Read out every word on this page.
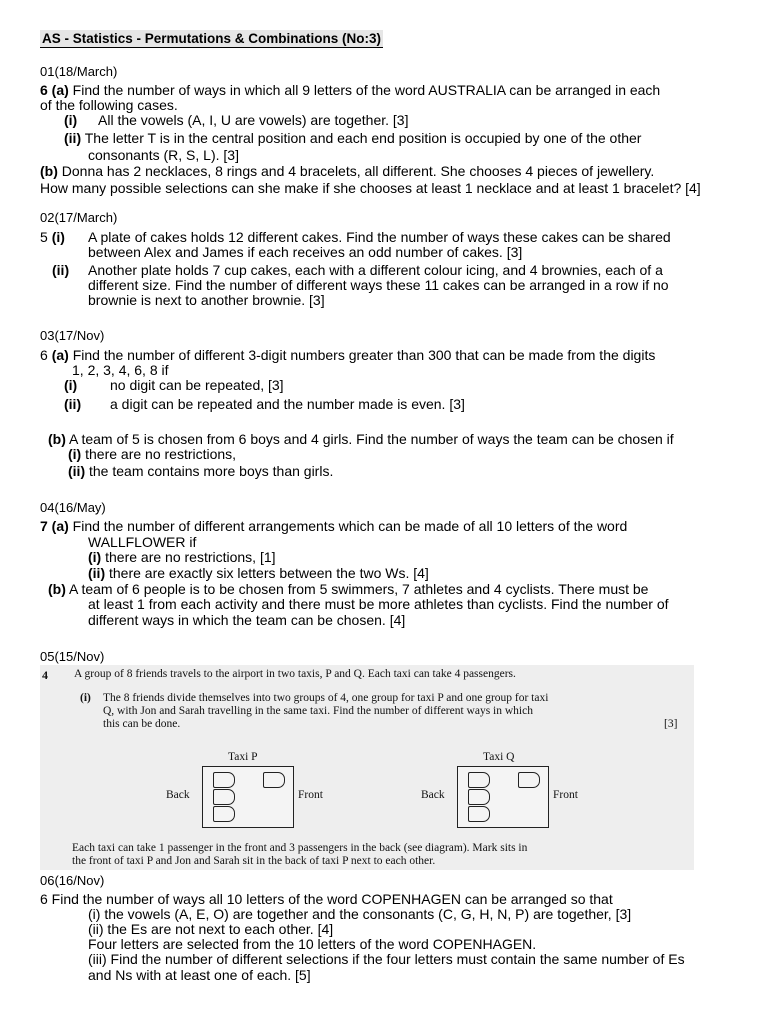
AS - Statistics - Permutations & Combinations (No:3)
01(18/March)
6 (a) Find the number of ways in which all 9 letters of the word AUSTRALIA can be arranged in each
of the following cases.
(i) All the vowels (A, I, U are vowels) are together. [3]
(ii) The letter T is in the central position and each end position is occupied by one of the other
consonants (R, S, L). [3]
(b) Donna has 2 necklaces, 8 rings and 4 bracelets, all different. She chooses 4 pieces of jewellery.
How many possible selections can she make if she chooses at least 1 necklace and at least 1 bracelet? [4]
02(17/March)
5 (i) A plate of cakes holds 12 different cakes. Find the number of ways these cakes can be shared
between Alex and James if each receives an odd number of cakes. [3]
(ii) Another plate holds 7 cup cakes, each with a different colour icing, and 4 brownies, each of a
different size. Find the number of different ways these 11 cakes can be arranged in a row if no
brownie is next to another brownie. [3]
03(17/Nov)
6 (a) Find the number of different 3-digit numbers greater than 300 that can be made from the digits
1, 2, 3, 4, 6, 8 if
(i) no digit can be repeated, [3]
(ii) a digit can be repeated and the number made is even. [3]
(b) A team of 5 is chosen from 6 boys and 4 girls. Find the number of ways the team can be chosen if
(i) there are no restrictions,
(ii) the team contains more boys than girls.
04(16/May)
7 (a) Find the number of different arrangements which can be made of all 10 letters of the word
WALLFLOWER if
(i) there are no restrictions, [1]
(ii) there are exactly six letters between the two Ws. [4]
(b) A team of 6 people is to be chosen from 5 swimmers, 7 athletes and 4 cyclists. There must be
at least 1 from each activity and there must be more athletes than cyclists. Find the number of
different ways in which the team can be chosen. [4]
05(15/Nov)
4 A group of 8 friends travels to the airport in two taxis, P and Q. Each taxi can take 4 passengers.
(i) The 8 friends divide themselves into two groups of 4, one group for taxi P and one group for taxi
Q, with Jon and Sarah travelling in the same taxi. Find the number of different ways in which
this can be done.	[3]
Taxi P
Back	Front
Taxi Q
Back	Front
Each taxi can take 1 passenger in the front and 3 passengers in the back (see diagram). Mark sits in
the front of taxi P and Jon and Sarah sit in the back of taxi P next to each other.
06(16/Nov)
6 Find the number of ways all 10 letters of the word COPENHAGEN can be arranged so that
(i) the vowels (A, E, O) are together and the consonants (C, G, H, N, P) are together, [3]
(ii) the Es are not next to each other. [4]
Four letters are selected from the 10 letters of the word COPENHAGEN.
(iii) Find the number of different selections if the four letters must contain the same number of Es
and Ns with at least one of each. [5]
